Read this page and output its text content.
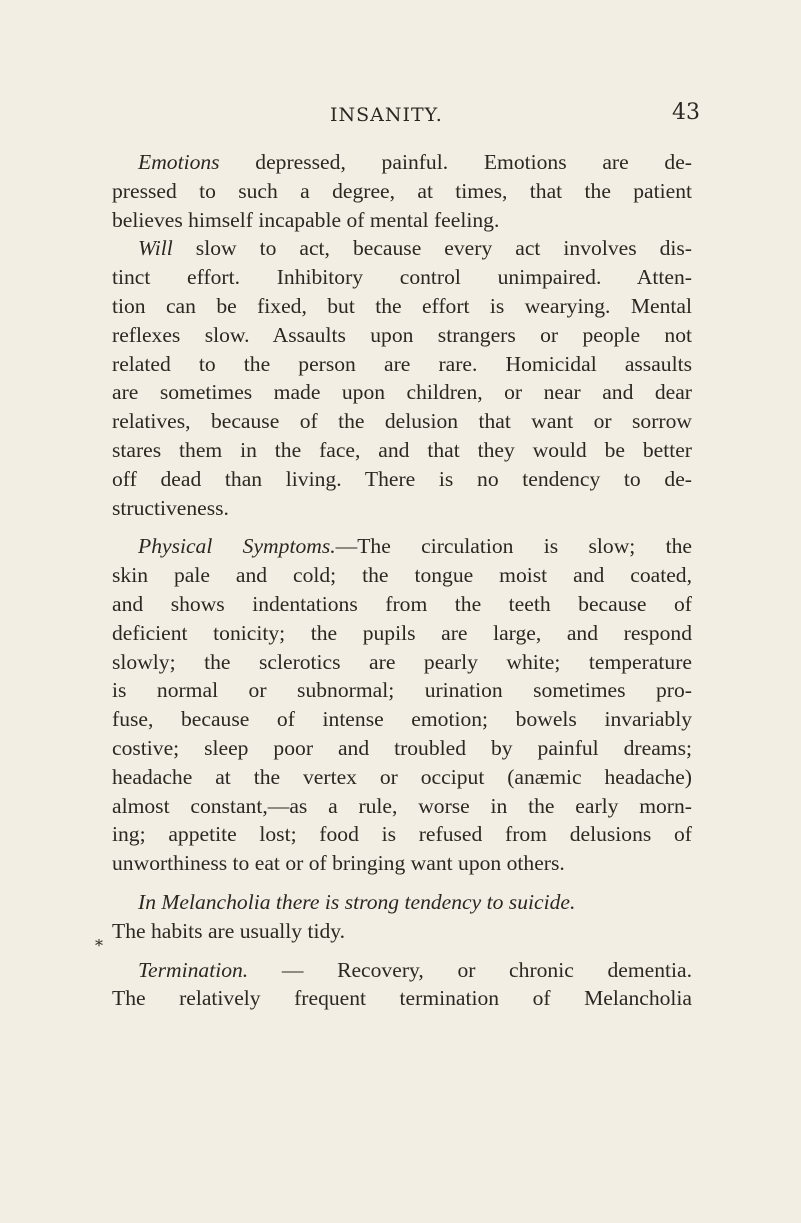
INSANITY.	43

Emotions depressed, painful. Emotions are de-
pressed to such a degree, at times, that the patient
believes himself incapable of mental feeling.

Will slow to act, because every act involves dis-
tinct effort. Inhibitory control unimpaired. Atten-
tion can be fixed, but the effort is wearying. Mental
reflexes slow. Assaults upon strangers or people not
related to the person are rare. Homicidal assaults
are sometimes made upon children, or near and dear
relatives, because of the delusion that want or sorrow
stares them in the face, and that they would be better
off dead than living. There is no tendency to de-
structiveness.

Physical Symptoms.—The circulation is slow; the
skin pale and cold; the tongue moist and coated,
and shows indentations from the teeth because of
deficient tonicity; the pupils are large, and respond
slowly; the sclerotics are pearly white; temperature
is normal or subnormal; urination sometimes pro-
fuse, because of intense emotion; bowels invariably
costive; sleep poor and troubled by painful dreams;
headache at the vertex or occiput (anæmic headache)
almost constant,—as a rule, worse in the early morn-
ing; appetite lost; food is refused from delusions of
unworthiness to eat or of bringing want upon others.

In Melancholia there is strong tendency to suicide.
The habits are usually tidy.

Termination. — Recovery, or chronic dementia.
The relatively frequent termination of Melancholia

*
